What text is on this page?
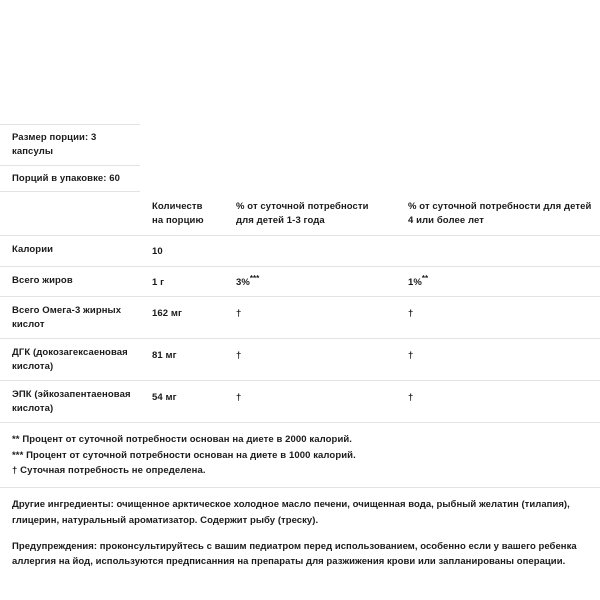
Размер порции: 3 капсулы
Порций в упаковке: 60
	Количеств на порцию	% от суточной потребности для детей 1-3 года	% от суточной потребности для детей 4 или более лет
Калории	10		
Всего жиров	1 г	3%***	1%**
Всего Омега-3 жирных кислот	162 мг	†	†
ДГК (докозагексаеновая кислота)	81 мг	†	†
ЭПК (эйкозапентаеновая кислота)	54 мг	†	†
** Процент от суточной потребности основан на диете в 2000 калорий.
*** Процент от суточной потребности основан на диете в 1000 калорий.
† Суточная потребность не определена.
Другие ингредиенты: очищенное арктическое холодное масло печени, очищенная вода, рыбный желатин (тилапия), глицерин, натуральный ароматизатор. Содержит рыбу (треску).
Предупреждения: проконсультируйтесь с вашим педиатром перед использованием, особенно если у вашего ребенка аллергия на йод, используются предписанния на препараты для разжижения крови или запланированы операции.
